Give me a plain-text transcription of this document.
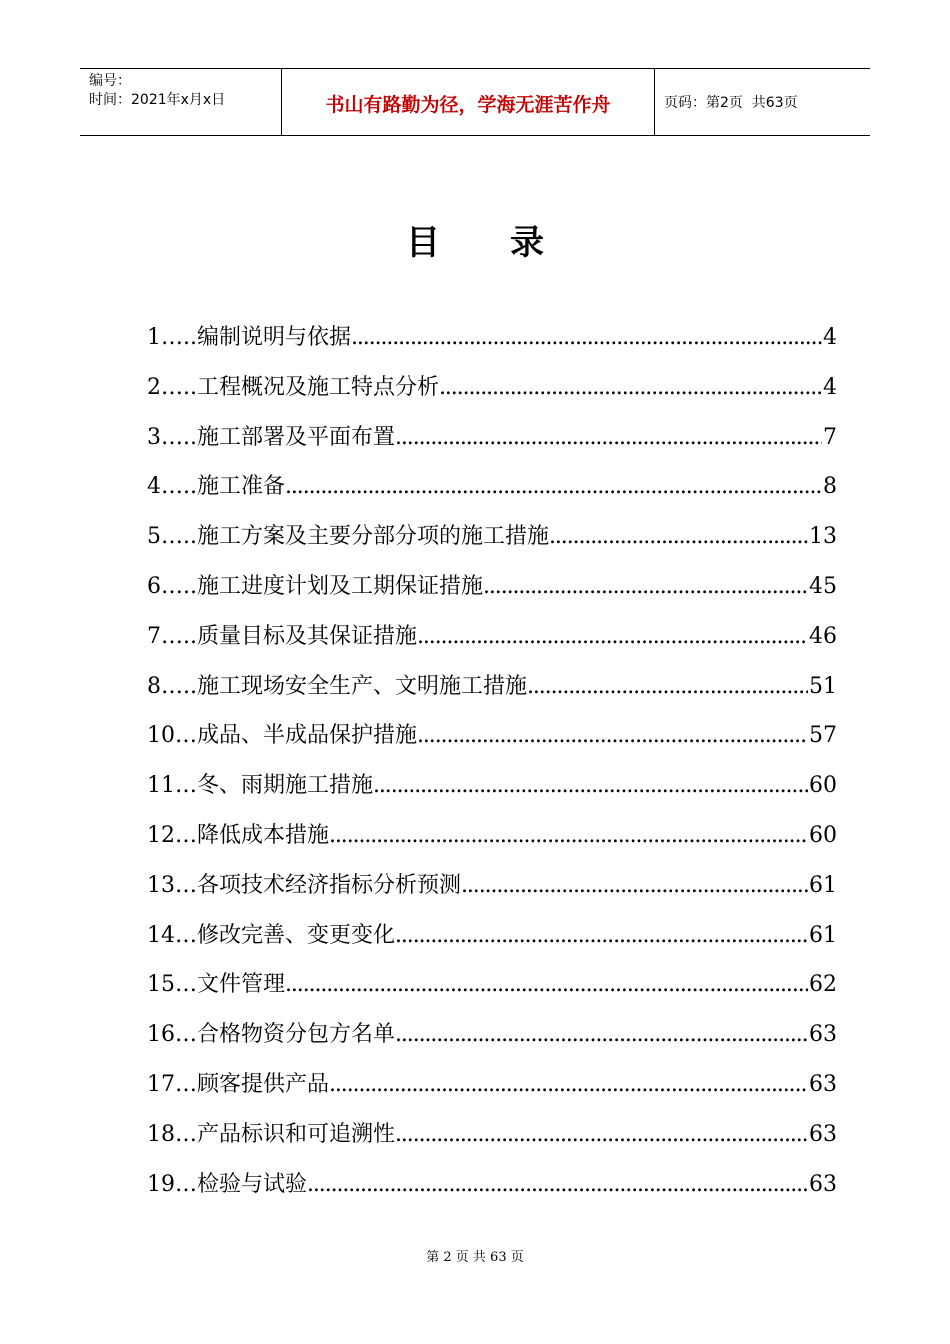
编号：
时间：2021年x月x日	书山有路勤为径，学海无涯苦作舟	页码：第2页  共63页
目 录
1 ….. 编制说明与依据 .....	4
2 ….. 工程概况及施工特点分析 .....	4
3 ….. 施工部署及平面布置 .....	7
4 ….. 施工准备 .....	8
5 ….. 施工方案及主要分部分项的施工措施 .....	13
6 ….. 施工进度计划及工期保证措施 .....	45
7 ….. 质量目标及其保证措施 .....	46
8 ….. 施工现场安全生产、文明施工措施 .....	51
10 … 成品、半成品保护措施 .....	57
11 … 冬、雨期施工措施 .....	60
12 … 降低成本措施 .....	60
13 … 各项技术经济指标分析预测 .....	61
14 … 修改完善、变更变化 .....	61
15 … 文件管理 .....	62
16 … 合格物资分包方名单 .....	63
17 … 顾客提供产品 .....	63
18 … 产品标识和可追溯性 .....	63
19 … 检验与试验 .....	63
第 2 页 共 63 页
